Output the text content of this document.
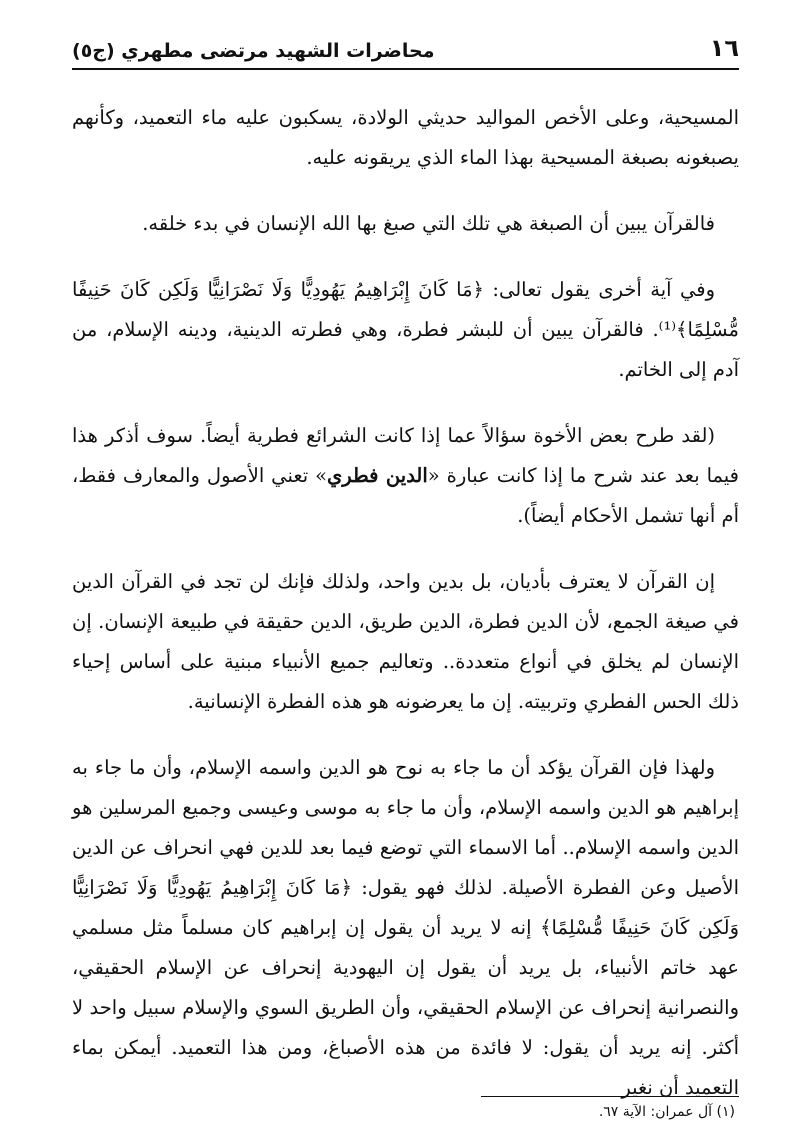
١٦
محاضرات الشهيد مرتضى مطهري (ج٥)

المسيحية، وعلى الأخص المواليد حديثي الولادة، يسكبون عليه ماء التعميد، وكأنهم يصبغونه بصبغة المسيحية بهذا الماء الذي يريقونه عليه.

فالقرآن يبين أن الصبغة هي تلك التي صبغ بها الله الإنسان في بدء خلقه.

وفي آية أخرى يقول تعالى: ﴿مَا كَانَ إِبْرَاهِيمُ يَهُودِيًّا وَلَا نَصْرَانِيًّا وَلَكِن كَانَ حَنِيفًا مُّسْلِمًا﴾⁽¹⁾. فالقرآن يبين أن للبشر فطرة، وهي فطرته الدينية، ودينه الإسلام، من آدم إلى الخاتم.

(لقد طرح بعض الأخوة سؤالاً عما إذا كانت الشرائع فطرية أيضاً. سوف أذكر هذا فيما بعد عند شرح ما إذا كانت عبارة «الدين فطري» تعني الأصول والمعارف فقط، أم أنها تشمل الأحكام أيضاً).

إن القرآن لا يعترف بأديان، بل بدين واحد، ولذلك فإنك لن تجد في القرآن الدين في صيغة الجمع، لأن الدين فطرة، الدين طريق، الدين حقيقة في طبيعة الإنسان. إن الإنسان لم يخلق في أنواع متعددة.. وتعاليم جميع الأنبياء مبنية على أساس إحياء ذلك الحس الفطري وتربيته. إن ما يعرضونه هو هذه الفطرة الإنسانية.

ولهذا فإن القرآن يؤكد أن ما جاء به نوح هو الدين واسمه الإسلام، وأن ما جاء به إبراهيم هو الدين واسمه الإسلام، وأن ما جاء به موسى وعيسى وجميع المرسلين هو الدين واسمه الإسلام.. أما الاسماء التي توضع فيما بعد للدين فهي انحراف عن الدين الأصيل وعن الفطرة الأصيلة. لذلك فهو يقول: ﴿مَا كَانَ إِبْرَاهِيمُ يَهُودِيًّا وَلَا نَصْرَانِيًّا وَلَكِن كَانَ حَنِيفًا مُّسْلِمًا﴾ إنه لا يريد أن يقول إن إبراهيم كان مسلماً مثل مسلمي عهد خاتم الأنبياء، بل يريد أن يقول إن اليهودية إنحراف عن الإسلام الحقيقي، والنصرانية إنحراف عن الإسلام الحقيقي، وأن الطريق السوي والإسلام سبيل واحد لا أكثر. إنه يريد أن يقول: لا فائدة من هذه الأصباغ، ومن هذا التعميد. أيمكن بماء التعميد أن نغير

(١) آل عمران: الآية ٦٧.
